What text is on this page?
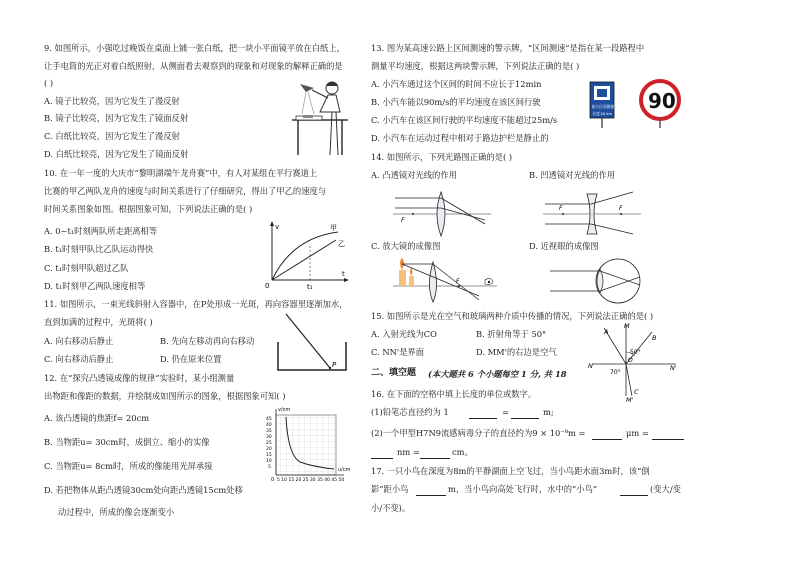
9. 如图所示，小强吃过晚饭在桌面上铺一张白纸，把一块小平面镜平放在白纸上，
让手电筒的光正对着白纸照射，从侧面看去观察到的现象和对现象的解释正确的是
( )
A. 镜子比较亮，因为它发生了漫反射
B. 镜子比较亮，因为它发生了镜面反射
C. 白纸比较亮，因为它发生了漫反射
D. 白纸比较亮，因为它发生了镜面反射
10. 在一年一度的大庆市“黎明湖端午龙舟赛”中，有人对某组在平行赛道上
比赛的甲乙两队龙舟的速度与时间关系进行了仔细研究，得出了甲乙的速度与
时间关系图象如图。根据图象可知，下列说法正确的是( )
A. 0~t₁时刻两队所走距离相等
B. t₁时刻甲队比乙队运动得快
C. t₁时刻甲队超过乙队
D. t₁时刻甲乙两队速度相等
v
t
0	t₁
甲
乙
11. 如图所示，一束光线斜射入容器中，在P处形成一光斑，再向容器里逐渐加水，
直到加满的过程中，光斑将( )
A. 向右移动后静止	B. 先向左移动再向右移动
C. 向右移动后静止	D. 仍在原来位置
P
12. 在“探究凸透镜成像的规律”实验时，某小组测量
出物距和像距的数据，并绘制成如图所示的图象，根据图象可知( )
A. 该凸透镜的焦距f= 20cm
B. 当物距u= 30cm时，成倒立、缩小的实像
C. 当物距u= 8cm时，所成的像能用光屏承接
D. 若把物体从距凸透镜30cm处向距凸透镜15cm处移
动过程中，所成的像会逐渐变小
v/cm
u/cm
0 5 10 15 20 25 30 35 40 45 50
45
40
35
30
25
20
15
10
5
13. 图为某高速公路上区间测速的警示牌，“区间测速”是指在某一段路程中
测量平均速度，根据这两块警示牌，下列说法正确的是( )
A. 小汽车通过这个区间的时间不应长于12min
B. 小汽车能以90m/s的平均速度在该区间行驶
C. 小汽车在该区间行驶的平均速度不能超过25m/s
D. 小汽车在运动过程中相对于路边护栏是静止的
前方区间测速
长度18 km
90
14. 如图所示，下列光路图正确的是( )
A. 凸透镜对光线的作用	B. 凹透镜对光线的作用
F
F	F
C. 放大镜的成像图	D. 近视眼的成像图
F
15. 如图所示是光在空气和玻璃两种介质中传播的情况，下列说法正确的是( )
A. 入射光线为CO	B. 折射角等于 50°
C. NN'是界面	D. MM'的右边是空气
M
M'
N	N'
A
B
C
O
50°
70°
二、填空题 (本大题共 6 个小题每空 1 分, 共 18
16. 在下面的空格中填上长度的单位或数字。
(1)铅笔芯直径约为 1	=	m;
(2)一个甲型H7N9流感病毒分子的直径约为9 × 10⁻⁸m =	μm =
nm =	cm。
17. 一只小鸟在深度为8m的平静湖面上空飞过，当小鸟距水面3m时，该“倒
影”距小鸟	m，当小鸟向高处飞行时，水中的“小鸟”	(变大/变
小/不变)。
